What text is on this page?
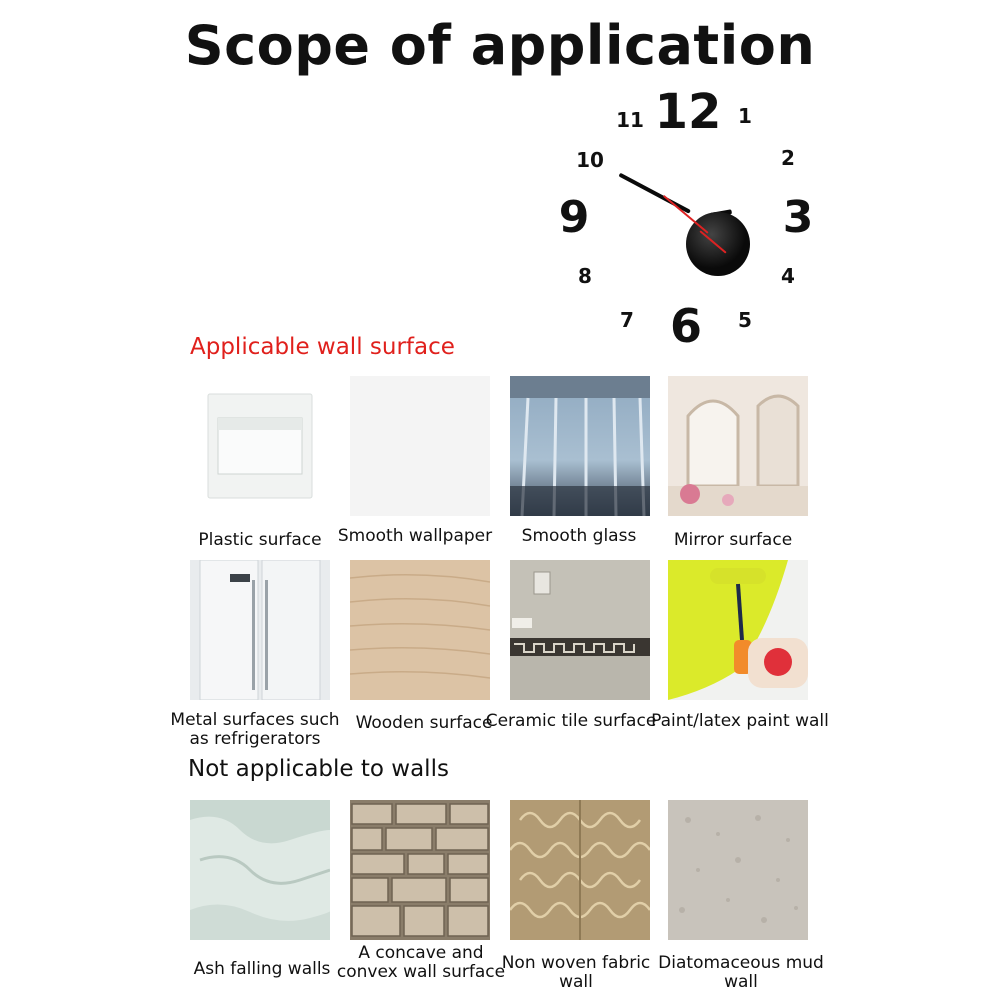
Scope of application
12 1
2
3
4
5
6
7
8
9
10
11
Applicable wall surface
Plastic surface Smooth wallpaper	Smooth glass	Mirror surface
Metal surfaces such as refrigerators
Wooden surface
Ceramic tile surface
Paint/latex paint wall
Not applicable to walls
Ash falling walls
A concave and convex wall surface
Non woven fabric wall
Diatomaceous mud wall
